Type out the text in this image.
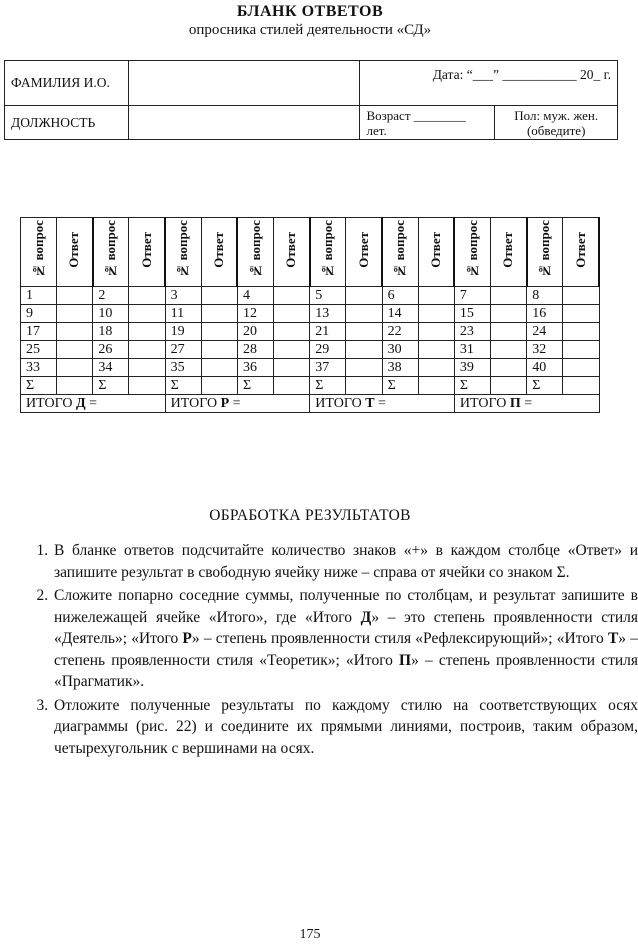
БЛАНК ОТВЕТОВ
опросника стилей деятельности «СД»
ФАМИЛИЯ И.О.		Дата: “___” ___________ 20_ г.	
ДОЛЖНОСТЬ		Возраст ________ лет.	Пол: муж. жен.
(обведите)
№ вопрос	Ответ	№ вопрос	Ответ	№ вопрос	Ответ	№ вопрос	Ответ	№ вопрос	Ответ	№ вопрос	Ответ	№ вопрос	Ответ	№ вопрос	Ответ
1		2		3		4		5		6		7		8	
9		10		11		12		13		14		15		16	
17		18		19		20		21		22		23		24	
25		26		27		28		29		30		31		32	
33		34		35		36		37		38		39		40	
Σ		Σ		Σ		Σ		Σ		Σ		Σ		Σ	
ИТОГО Д =				ИТОГО Р =				ИТОГО Т =				ИТОГО П =			
ОБРАБОТКА РЕЗУЛЬТАТОВ
1. В бланке ответов подсчитайте количество знаков «+» в каждом столбце «Ответ» и запишите результат в свободную ячейку ниже – справа от ячейки со знаком Σ.
2. Сложите попарно соседние суммы, полученные по столбцам, и результат запишите в нижележащей ячейке «Итого», где «Итого Д» – это степень проявленности стиля «Деятель»; «Итого Р» – степень проявленности стиля «Рефлексирующий»; «Итого Т» – степень проявленности стиля «Теоретик»; «Итого П» – степень проявленности стиля «Прагматик».
3. Отложите полученные результаты по каждому стилю на соответствующих осях диаграммы (рис. 22) и соедините их прямыми линиями, построив, таким образом, четырехугольник с вершинами на осях.
175
